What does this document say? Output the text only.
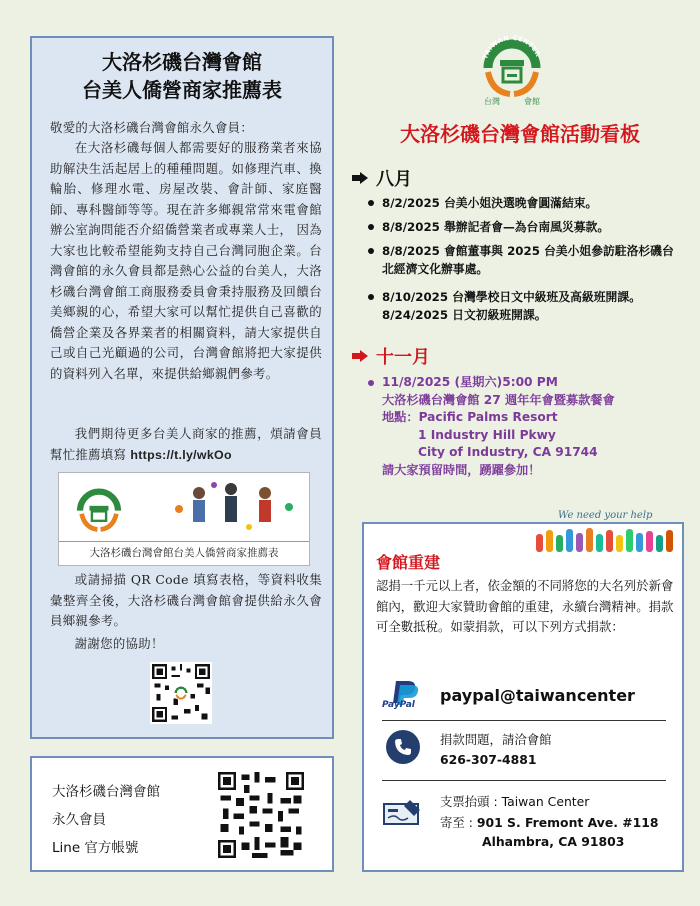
大洛杉磯台灣會館
台美人僑營商家推薦表
敬愛的大洛杉磯台灣會館永久會員：
在大洛杉磯每個人都需要好的服務業者來協助解決生活起居上的種種問題。如修理汽車、換輪胎、修理水電、房屋改裝、會計師、家庭醫師、專科醫師等等。現在許多鄉親常常來電會館辦公室詢問能否介紹僑營業者或專業人士， 因為大家也比較希望能夠支持自己台灣同胞企業。台灣會館的永久會員都是熱心公益的台美人，大洛杉磯台灣會館工商服務委員會秉持服務及回饋台美鄉親的心，希望大家可以幫忙提供自己喜歡的僑營企業及各界業者的相關資料，請大家提供自己或自己光顧過的公司，台灣會館將把大家提供的資料列入名單，來提供給鄉親們參考。
我們期待更多台美人商家的推薦，煩請會員幫忙推薦填寫 https://t.ly/wkOo
大洛杉磯台灣會館台美人僑營商家推薦表
或請掃描 QR Code 填寫表格，等資料收集彙整齊全後，大洛杉磯台灣會館會提供給永久會員鄉親參考。
謝謝您的協助！
大洛杉磯台灣會館
永久會員
Line 官方帳號
TAIWAN CENTER
台灣	會館
大洛杉磯台灣會館活動看板
八月
8/2/2025 台美小姐決選晚會圓滿結束。
8/8/2025 舉辦記者會—為台南風災募款。
8/8/2025 會館董事與 2025 台美小姐參訪駐洛杉磯台北經濟文化辦事處。
8/10/2025 台灣學校日文中級班及高級班開課。8/24/2025 日文初級班開課。
十一月
11/8/2025 (星期六)5:00 PM
大洛杉磯台灣會館 27 週年年會暨募款餐會
地點：Pacific Palms Resort
1 Industry Hill Pkwy
City of Industry, CA 91744
請大家預留時間，踴躍參加！
We need your help
會館重建
認捐一千元以上者，依金額的不同將您的大名列於新會館內，歡迎大家贊助會館的重建，永續台灣精神。捐款可全數抵稅。如蒙捐款，可以下列方式捐款：
PayPal paypal@taiwancenter
捐款問題，請洽會館
626-307-4881
支票抬頭 : Taiwan Center
寄至 : 901 S. Fremont Ave. #118
Alhambra, CA 91803
